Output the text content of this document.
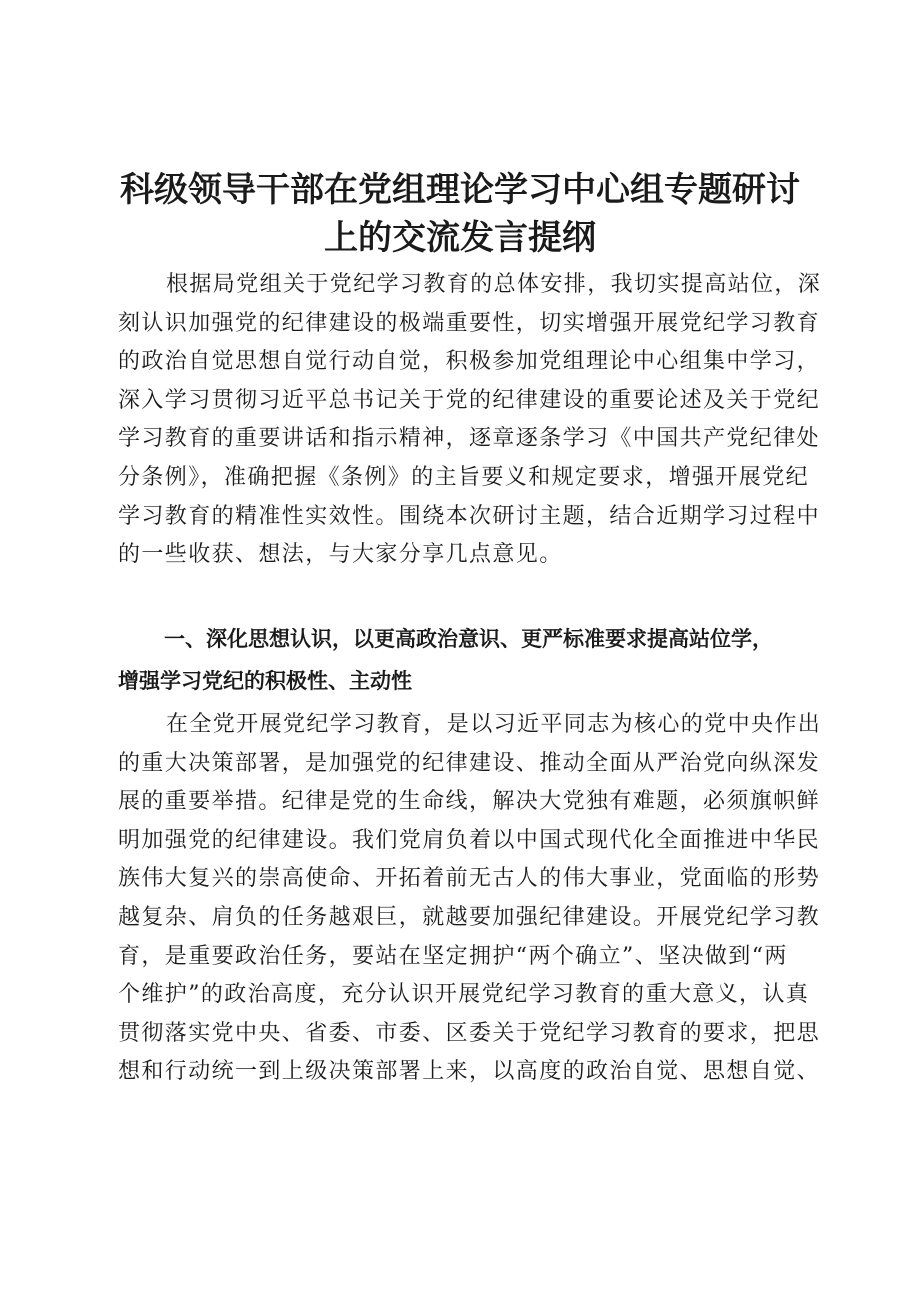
科级领导干部在党组理论学习中心组专题研讨
上的交流发言提纲
根据局党组关于党纪学习教育的总体安排，我切实提高站位，深
刻认识加强党的纪律建设的极端重要性，切实增强开展党纪学习教育
的政治自觉思想自觉行动自觉，积极参加党组理论中心组集中学习，
深入学习贯彻习近平总书记关于党的纪律建设的重要论述及关于党纪
学习教育的重要讲话和指示精神，逐章逐条学习《中国共产党纪律处
分条例》，准确把握《条例》的主旨要义和规定要求，增强开展党纪
学习教育的精准性实效性。围绕本次研讨主题，结合近期学习过程中
的一些收获、想法，与大家分享几点意见。
一、深化思想认识，以更高政治意识、更严标准要求提高站位学，
增强学习党纪的积极性、主动性
在全党开展党纪学习教育，是以习近平同志为核心的党中央作出
的重大决策部署，是加强党的纪律建设、推动全面从严治党向纵深发
展的重要举措。纪律是党的生命线，解决大党独有难题，必须旗帜鲜
明加强党的纪律建设。我们党肩负着以中国式现代化全面推进中华民
族伟大复兴的崇高使命、开拓着前无古人的伟大事业，党面临的形势
越复杂、肩负的任务越艰巨，就越要加强纪律建设。开展党纪学习教
育，是重要政治任务，要站在坚定拥护“两个确立”、坚决做到“两
个维护”的政治高度，充分认识开展党纪学习教育的重大意义，认真
贯彻落实党中央、省委、市委、区委关于党纪学习教育的要求，把思
想和行动统一到上级决策部署上来，以高度的政治自觉、思想自觉、
